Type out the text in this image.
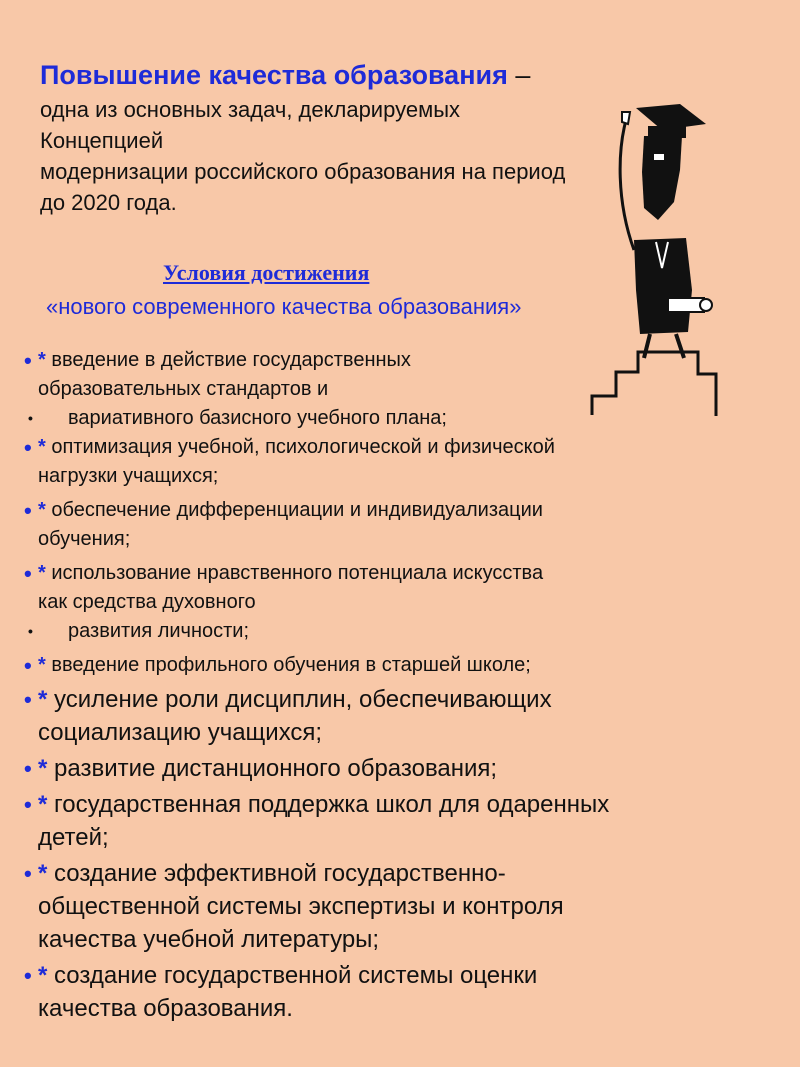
Повышение качества образования –
одна из основных задач, декларируемых
Концепцией
модернизации российского образования на период
до 2020 года.
Условия достижения
«нового современного качества образования»
• * введение в действие государственных
образовательных стандартов и
• вариативного базисного учебного плана;
• * оптимизация учебной, психологической и физической
нагрузки учащихся;
• * обеспечение дифференциации и индивидуализации
обучения;
• * использование нравственного потенциала искусства
как средства духовного
• развития личности;
• * введение профильного обучения в старшей школе;
• * усиление роли дисциплин, обеспечивающих
социализацию учащихся;
• * развитие дистанционного образования;
• * государственная поддержка школ для одаренных
детей;
• * создание эффективной государственно-
общественной системы экспертизы и контроля
качества учебной литературы;
• * создание государственной системы оценки
качества образования.
